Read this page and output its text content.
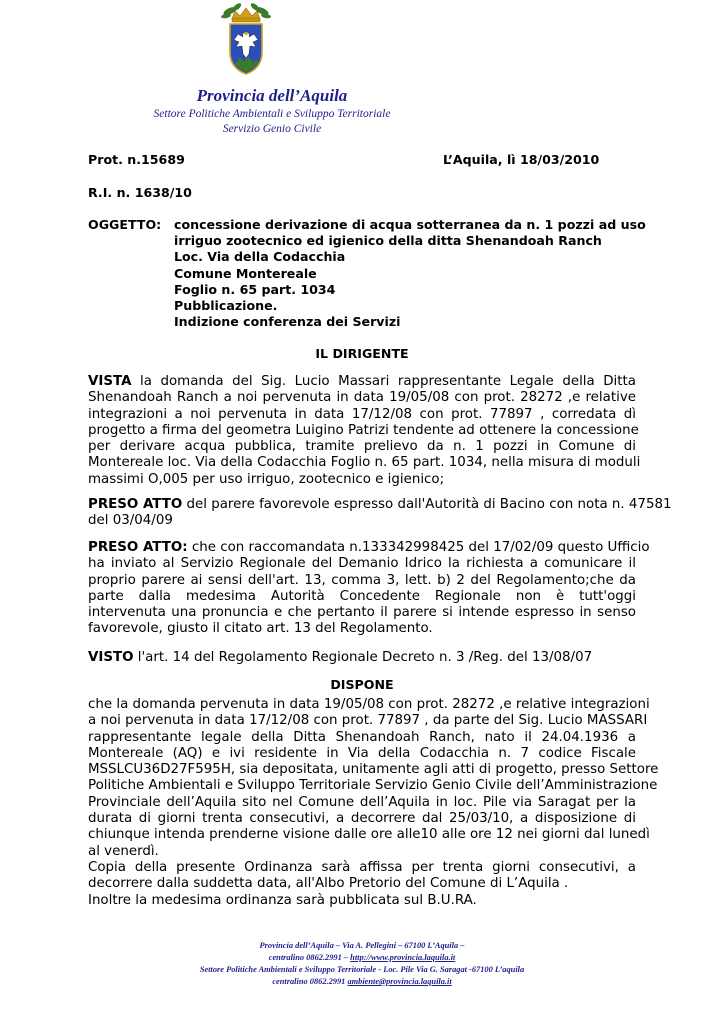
Provincia dell’Aquila
Settore Politiche Ambientali e Sviluppo Territoriale
Servizio Genio Civile
Prot. n.15689	L’Aquila, lì 18/03/2010
R.I. n. 1638/10
OGGETTO: concessione derivazione di acqua sotterranea da n. 1 pozzi ad uso
irriguo zootecnico ed igienico della ditta Shenandoah Ranch
Loc. Via della Codacchia
Comune Montereale
Foglio n. 65 part. 1034
Pubblicazione.
Indizione conferenza dei Servizi
IL DIRIGENTE
VISTA la domanda del Sig. Lucio Massari rappresentante Legale della Ditta
Shenandoah Ranch a noi pervenuta in data 19/05/08 con prot. 28272 ,e relative
integrazioni a noi pervenuta in data 17/12/08 con prot. 77897 , corredata dì
progetto a firma del geometra Luigino Patrizi tendente ad ottenere la concessione
per derivare acqua pubblica, tramite prelievo da n. 1 pozzi in Comune di
Montereale loc. Via della Codacchia Foglio n. 65 part. 1034, nella misura di moduli
massimi O,005 per uso irriguo, zootecnico e igienico;
PRESO ATTO del parere favorevole espresso dall'Autorità di Bacino con nota n. 47581
del 03/04/09
PRESO ATTO: che con raccomandata n.133342998425 del 17/02/09 questo Ufficio
ha inviato al Servizio Regionale del Demanio Idrico la richiesta a comunicare il
proprio parere ai sensi dell'art. 13, comma 3, lett. b) 2 del Regolamento;che da
parte dalla medesima Autorità Concedente Regionale non è tutt'oggi
intervenuta una pronuncia e che pertanto il parere si intende espresso in senso
favorevole, giusto il citato art. 13 del Regolamento.
VISTO l'art. 14 del Regolamento Regionale Decreto n. 3 /Reg. del 13/08/07
DISPONE
che la domanda pervenuta in data 19/05/08 con prot. 28272 ,e relative integrazioni
a noi pervenuta in data 17/12/08 con prot. 77897 , da parte del Sig. Lucio MASSARI
rappresentante legale della Ditta Shenandoah Ranch, nato il 24.04.1936 a
Montereale (AQ) e ivi residente in Via della Codacchia n. 7 codice Fiscale
MSSLCU36D27F595H, sia depositata, unitamente agli atti di progetto, presso Settore
Politiche Ambientali e Sviluppo Territoriale Servizio Genio Civile dell’Amministrazione
Provinciale dell’Aquila sito nel Comune dell’Aquila in loc. Pile via Saragat per la
durata di giorni trenta consecutivi, a decorrere dal 25/03/10, a disposizione di
chiunque intenda prenderne visione dalle ore alle10 alle ore 12 nei giorni dal lunedì
al venerdì.
Copia della presente Ordinanza sarà affissa per trenta giorni consecutivi, a
decorrere dalla suddetta data, all'Albo Pretorio del Comune di L’Aquila .
Inoltre la medesima ordinanza sarà pubblicata sul B.U.RA.
Provincia dell’Aquila – Via A. Pellegini – 67100 L’Aquila –
centralino 0862.2991 – http://www.provincia.laquila.it
Settore Politiche Ambientali e Sviluppo Territoriale - Loc. Pile Via G. Saragat -67100 L’aquila
centralino 0862.2991 ambiente@provincia.laquila.it
